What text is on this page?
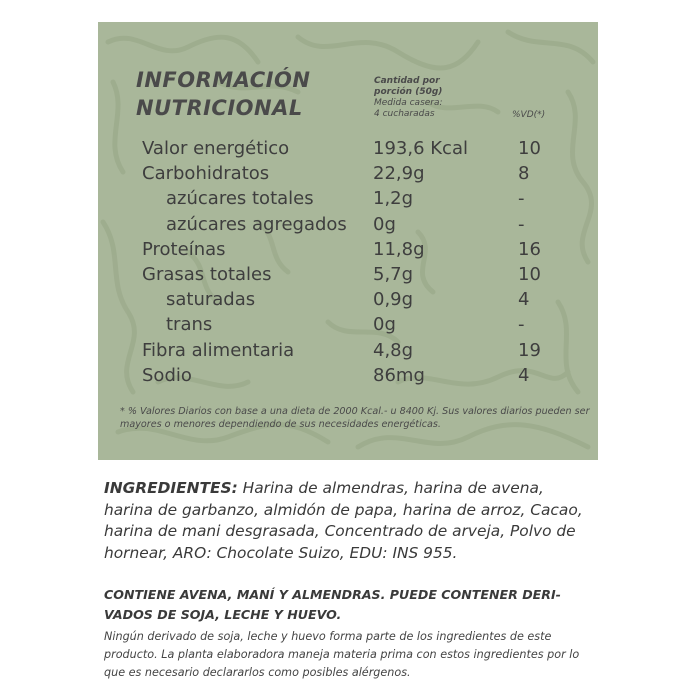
INFORMACIÓN
NUTRICIONAL
Cantidad por
porción (50g)
Medida casera:
4 cucharadas	%VD(*)
Valor energético	193,6 Kcal	10
Carbohidratos	22,9g	8
azúcares totales	1,2g	-
azúcares agregados 0g	-
Proteínas	11,8g	16
Grasas totales	5,7g	10
saturadas	0,9g	4
trans	0g	-
Fibra alimentaria	4,8g	19
Sodio	86mg	4
* % Valores Diarios con base a una dieta de 2000 Kcal.- u 8400 Kj. Sus valores diarios pueden ser mayores o menores dependiendo de sus necesidades energéticas.
INGREDIENTES: Harina de almendras, harina de avena, harina de garbanzo, almidón de papa, harina de arroz, Cacao, harina de mani desgrasada, Concentrado de arveja, Polvo de hornear, ARO: Chocolate Suizo, EDU: INS 955.
CONTIENE AVENA, MANÍ Y ALMENDRAS. PUEDE CONTENER DERI-VADOS DE SOJA, LECHE Y HUEVO.
Ningún derivado de soja, leche y huevo forma parte de los ingredientes de este producto. La planta elaboradora maneja materia prima con estos ingredientes por lo que es necesario declararlos como posibles alérgenos.
